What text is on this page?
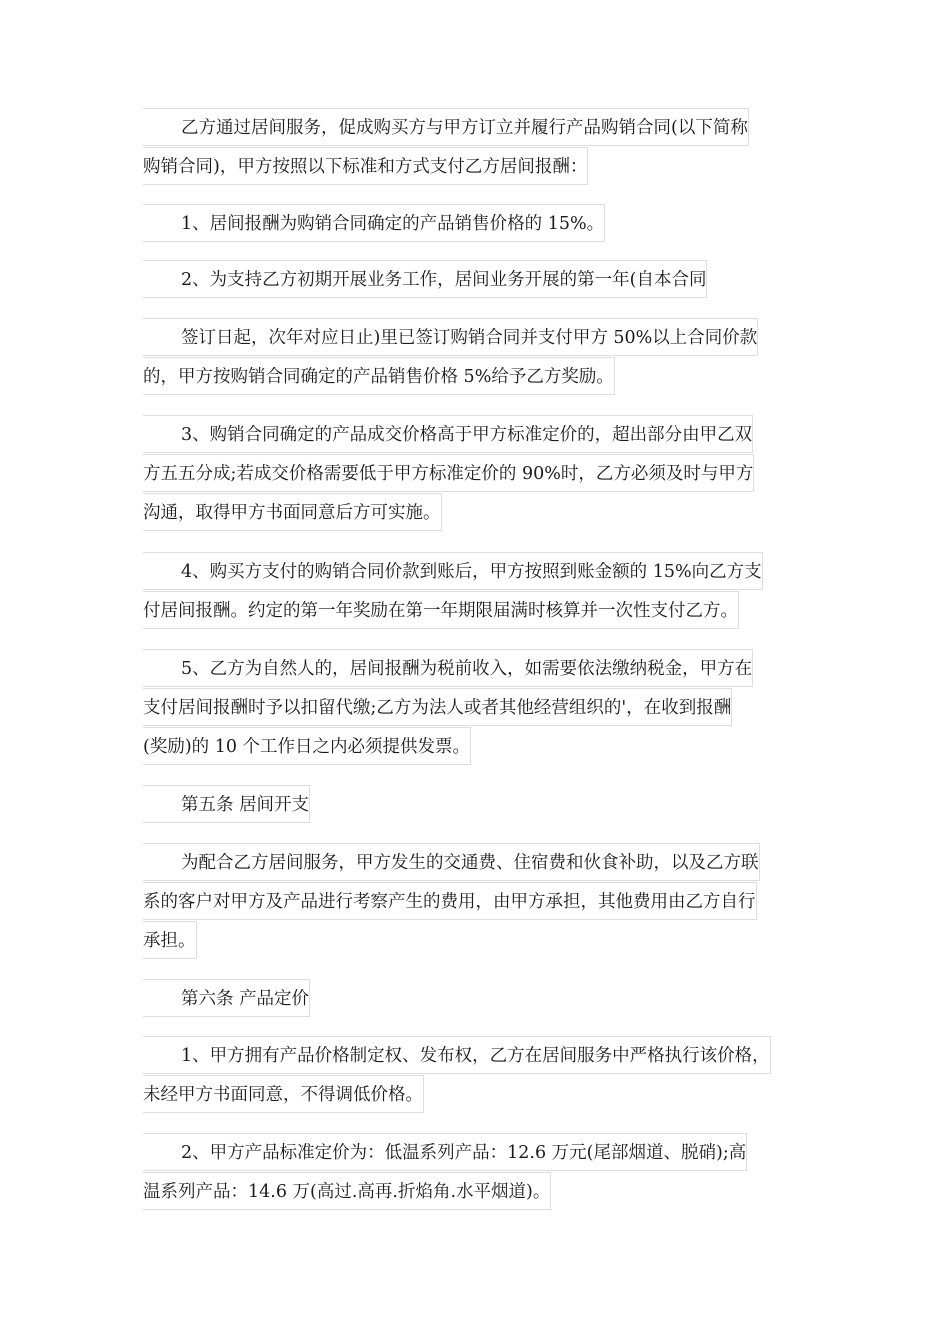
乙方通过居间服务，促成购买方与甲方订立并履行产品购销合同(以下简称
购销合同)，甲方按照以下标准和方式支付乙方居间报酬：
1、居间报酬为购销合同确定的产品销售价格的 15%。
2、为支持乙方初期开展业务工作，居间业务开展的第一年(自本合同
签订日起，次年对应日止)里已签订购销合同并支付甲方 50%以上合同价款
的，甲方按购销合同确定的产品销售价格 5%给予乙方奖励。
3、购销合同确定的产品成交价格高于甲方标准定价的，超出部分由甲乙双
方五五分成;若成交价格需要低于甲方标准定价的 90%时，乙方必须及时与甲方
沟通，取得甲方书面同意后方可实施。
4、购买方支付的购销合同价款到账后，甲方按照到账金额的 15%向乙方支
付居间报酬。约定的第一年奖励在第一年期限届满时核算并一次性支付乙方。
5、乙方为自然人的，居间报酬为税前收入，如需要依法缴纳税金，甲方在
支付居间报酬时予以扣留代缴;乙方为法人或者其他经营组织的'，在收到报酬
(奖励)的 10 个工作日之内必须提供发票。
第五条 居间开支
为配合乙方居间服务，甲方发生的交通费、住宿费和伙食补助，以及乙方联
系的客户对甲方及产品进行考察产生的费用，由甲方承担，其他费用由乙方自行
承担。
第六条 产品定价
1、甲方拥有产品价格制定权、发布权，乙方在居间服务中严格执行该价格，
未经甲方书面同意，不得调低价格。
2、甲方产品标准定价为：低温系列产品：12.6 万元(尾部烟道、脱硝);高
温系列产品：14.6 万(高过.高再.折焰角.水平烟道)。
